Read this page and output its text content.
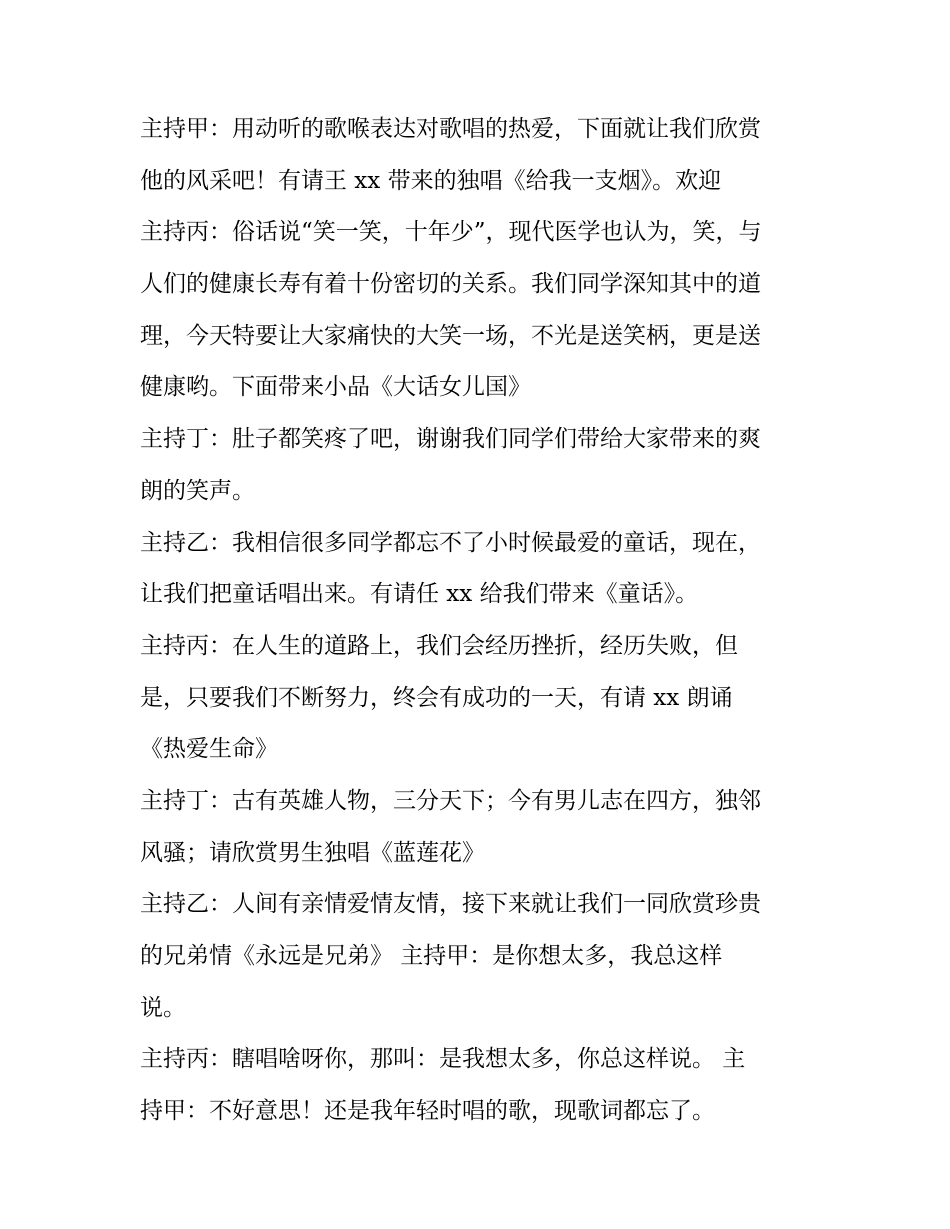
主持甲：用动听的歌喉表达对歌唱的热爱，下面就让我们欣赏
他的风采吧！有请王 xx 带来的独唱《给我一支烟》。欢迎
主持丙：俗话说“笑一笑，十年少”，现代医学也认为，笑，与
人们的健康长寿有着十份密切的关系。我们同学深知其中的道
理，今天特要让大家痛快的大笑一场，不光是送笑柄，更是送
健康哟。下面带来小品《大话女儿国》
主持丁：肚子都笑疼了吧，谢谢我们同学们带给大家带来的爽
朗的笑声。
主持乙：我相信很多同学都忘不了小时候最爱的童话，现在，
让我们把童话唱出来。有请任 xx 给我们带来《童话》。
主持丙：在人生的道路上，我们会经历挫折，经历失败，但
是，只要我们不断努力，终会有成功的一天，有请 xx 朗诵
《热爱生命》
主持丁：古有英雄人物，三分天下；今有男儿志在四方，独邻
风骚；请欣赏男生独唱《蓝莲花》
主持乙：人间有亲情爱情友情，接下来就让我们一同欣赏珍贵
的兄弟情《永远是兄弟》 主持甲：是你想太多，我总这样
说。
主持丙：瞎唱啥呀你，那叫：是我想太多，你总这样说。 主
持甲：不好意思！还是我年轻时唱的歌，现歌词都忘了。
